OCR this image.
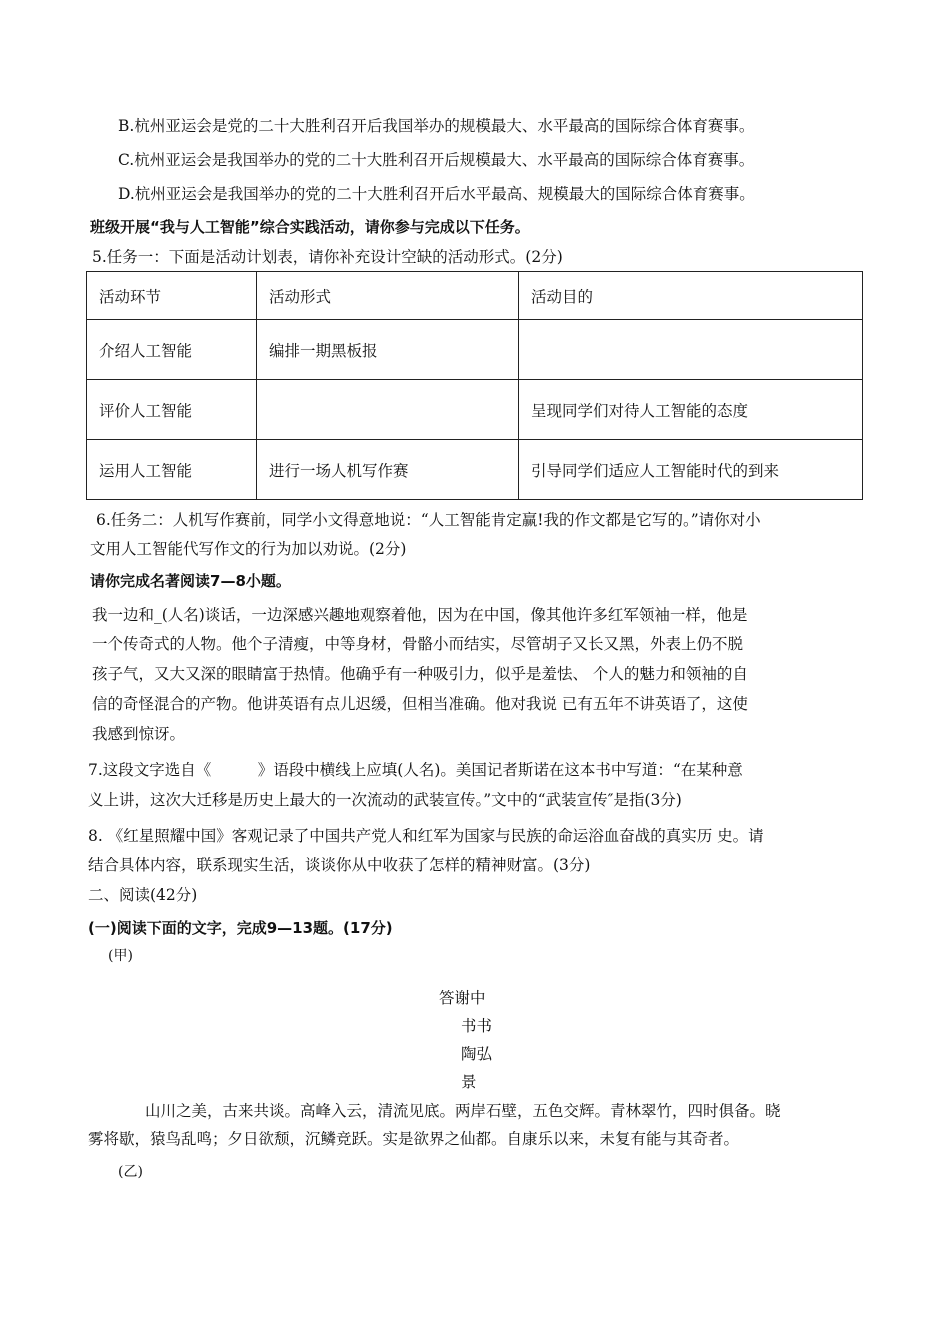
B.杭州亚运会是党的二十大胜利召开后我国举办的规模最大、水平最高的国际综合体育赛事。
C.杭州亚运会是我国举办的党的二十大胜利召开后规模最大、水平最高的国际综合体育赛事。
D.杭州亚运会是我国举办的党的二十大胜利召开后水平最高、规模最大的国际综合体育赛事。
班级开展“我与人工智能”综合实践活动，请你参与完成以下任务。
5.任务一：下面是活动计划表，请你补充设计空缺的活动形式。(2分)
活动环节	活动形式	活动目的
介绍人工智能	编排一期黑板报	
评价人工智能		呈现同学们对待人工智能的态度
运用人工智能	进行一场人机写作赛	引导同学们适应人工智能时代的到来
6.任务二：人机写作赛前，同学小文得意地说：“人工智能肯定赢!我的作文都是它写的。”请你对小
文用人工智能代写作文的行为加以劝说。(2分)
请你完成名著阅读7—8小题。
我一边和_(人名)谈话，一边深感兴趣地观察着他，因为在中国，像其他许多红军领袖一样，他是
一个传奇式的人物。他个子清瘦，中等身材，骨骼小而结实，尽管胡子又长又黑，外表上仍不脱
孩子气，又大又深的眼睛富于热情。他确乎有一种吸引力，似乎是羞怯、 个人的魅力和领袖的自
信的奇怪混合的产物。他讲英语有点儿迟缓，但相当准确。他对我说 已有五年不讲英语了，这使
我感到惊讶。
7.这段文字选自《　　　》语段中横线上应填(人名)。美国记者斯诺在这本书中写道：“在某种意
义上讲，这次大迁移是历史上最大的一次流动的武装宣传。”文中的“武装宣传″是指(3分)
8. 《红星照耀中国》客观记录了中国共产党人和红军为国家与民族的命运浴血奋战的真实历 史。请
结合具体内容，联系现实生活，谈谈你从中收获了怎样的精神财富。(3分)
二、阅读(42分)
(一)阅读下面的文字，完成9—13题。(17分)
(甲)
答谢中
书书
陶弘
景
山川之美，古来共谈。高峰入云，清流见底。两岸石壁，五色交辉。青林翠竹，四时俱备。晓
雾将歇，猿鸟乱鸣；夕日欲颓，沉鳞竞跃。实是欲界之仙都。自康乐以来，未复有能与其奇者。
(乙)
